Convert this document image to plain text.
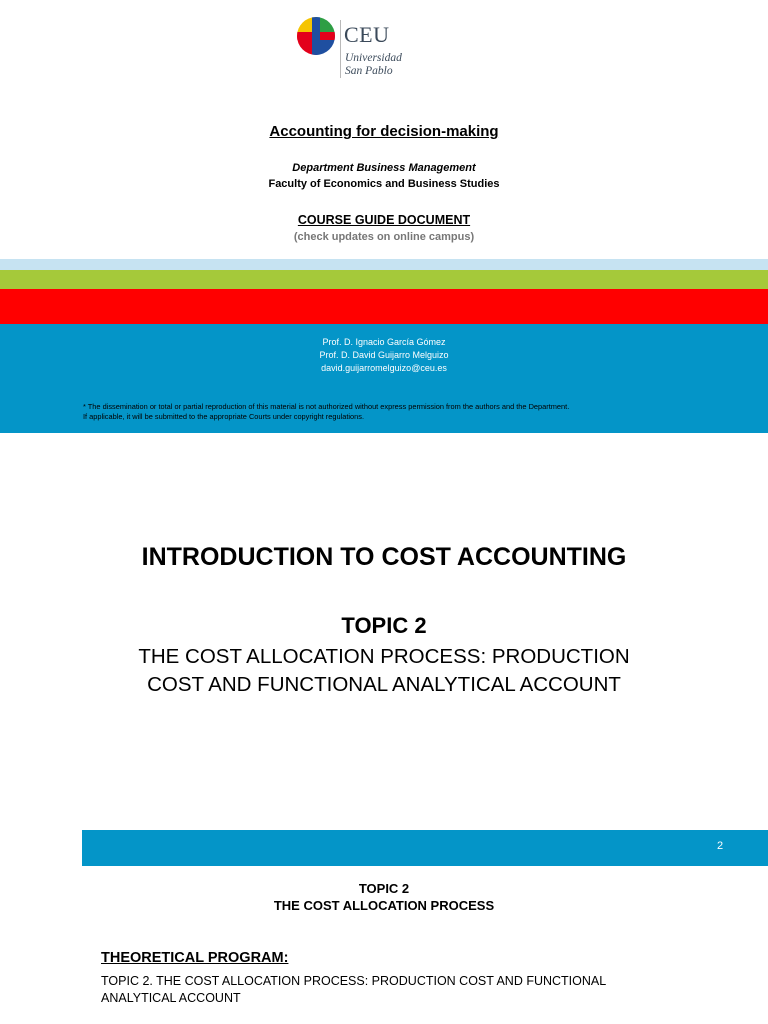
CEU
Universidad
San Pablo
Accounting for decision-making
Department Business Management
Faculty of Economics and Business Studies
COURSE GUIDE DOCUMENT
(check updates on online campus)
Prof. D. Ignacio García Gómez
Prof. D. David Guijarro Melguizo
david.guijarromelguizo@ceu.es
* The dissemination or total or partial reproduction of this material is not authorized without express permission from the authors and the Department.
If applicable, it will be submitted to the appropriate Courts under copyright regulations.
INTRODUCTION TO COST ACCOUNTING
TOPIC 2
THE COST ALLOCATION PROCESS: PRODUCTION
COST AND FUNCTIONAL ANALYTICAL ACCOUNT
2
TOPIC 2
THE COST ALLOCATION PROCESS
THEORETICAL PROGRAM:
TOPIC 2. THE COST ALLOCATION PROCESS: PRODUCTION COST AND FUNCTIONAL
ANALYTICAL ACCOUNT
